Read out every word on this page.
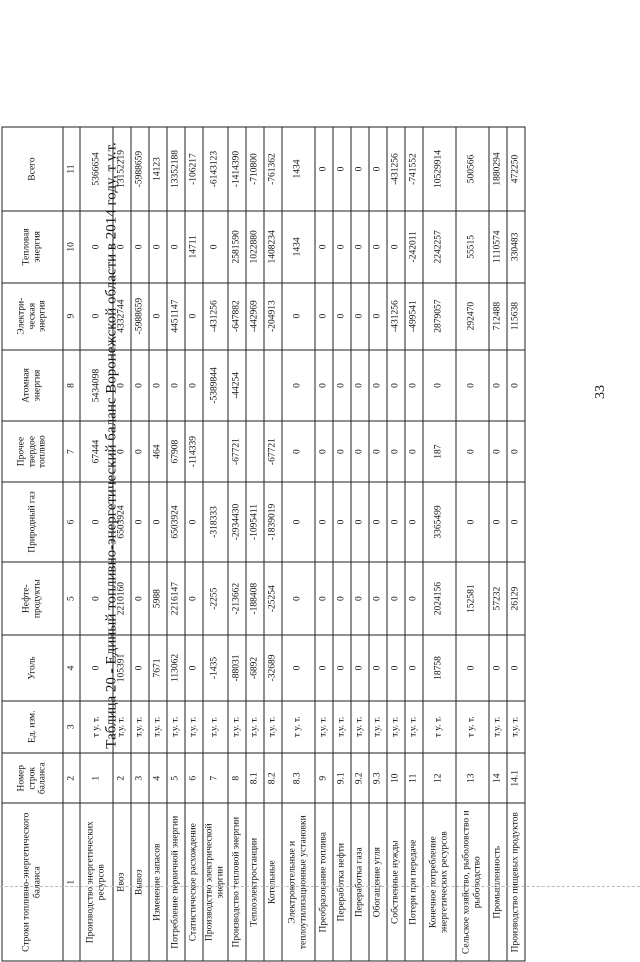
33
Таблица 20 - Единый топливно-энергетический баланс Воронежской области в 2014 году, т у.т.
Строки топливно-энергетического баланса	Номер строк баланса	Ед. изм.	Уголь	Нефте-продукты	Природный газ	Прочее твердое топливо	Атомная энергия	Электри-ческая энергия	Тепловая энергия	Всего
1	2	3	4	5	6	7	8	9	10	11
Производство энергетических ресурсов	1	т у. т.	0	0	0	67444	5434098	0	0	5366654
Ввоз	2	т.у. т.	105391	2210160	6503924	0	0	4332744	0	13152219
Вывоз	3	т.у. т.	0	0	0	0	0	-5988659	0	-5988659
Изменение запасов	4	т.у. т.	7671	5988	0	464	0	0	0	14123
Потребление первичной энергии	5	т.у. т.	113062	2216147	6503924	67908	0	4451147	0	13352188
Статистическое расхождение	6	т.у. т.	0	0	0	-114339	0	0	14711	-106217
Производство электрической энергии	7	т.у. т.	-1435	-2255	-318333		-5389844	-431256	0	-6143123
Производство тепловой энергии	8	т.у. т.	-88031	-213662	-2934430	-67721	-44254	-647882	2581590	-1414390
Теплоэлектростанции	8.1	т.у. т.	-6892	-188408	-1095411			-442969	1022880	-710800
Котельные	8.2	т.у. т.	-32689	-25254	-1839019	-67721		-204913	1408234	-761362
Электрокотельные и теплоутилизационные установки	8.3	т у. т.	0	0	0	0	0	0	1434	1434
Преобразование топлива	9	т.у. т.	0	0	0	0	0	0	0	0
Переработка нефти	9.1	т.у. т.	0	0	0	0	0	0	0	0
Переработка газа	9.2	т.у. т.	0	0	0	0	0	0	0	0
Обогащение угля	9.3	т.у. т.	0	0	0	0	0	0	0	0
Собственные нужды	10	т.у. т.	0	0	0	0	0	-431256	0	-431256
Потери при передаче	11	т.у. т.	0	0	0	0	0	-499541	-242011	-741552
Конечное потребление энергетических ресурсов	12	т у. т.	18758	2024156	3365499	187	0	2879057	2242257	10529914
Сельское хозяйство, рыболовство и рыбоводство	13	т у. т.	0	152581	0	0	0	292470	55515	500566
Промышленность	14	т.у. т.	0	57232	0	0	0	712488	1110574	1880294
Производство пищевых продуктов	14.1	т.у. т.	0	26129	0	0	0	115638	330483	472250
